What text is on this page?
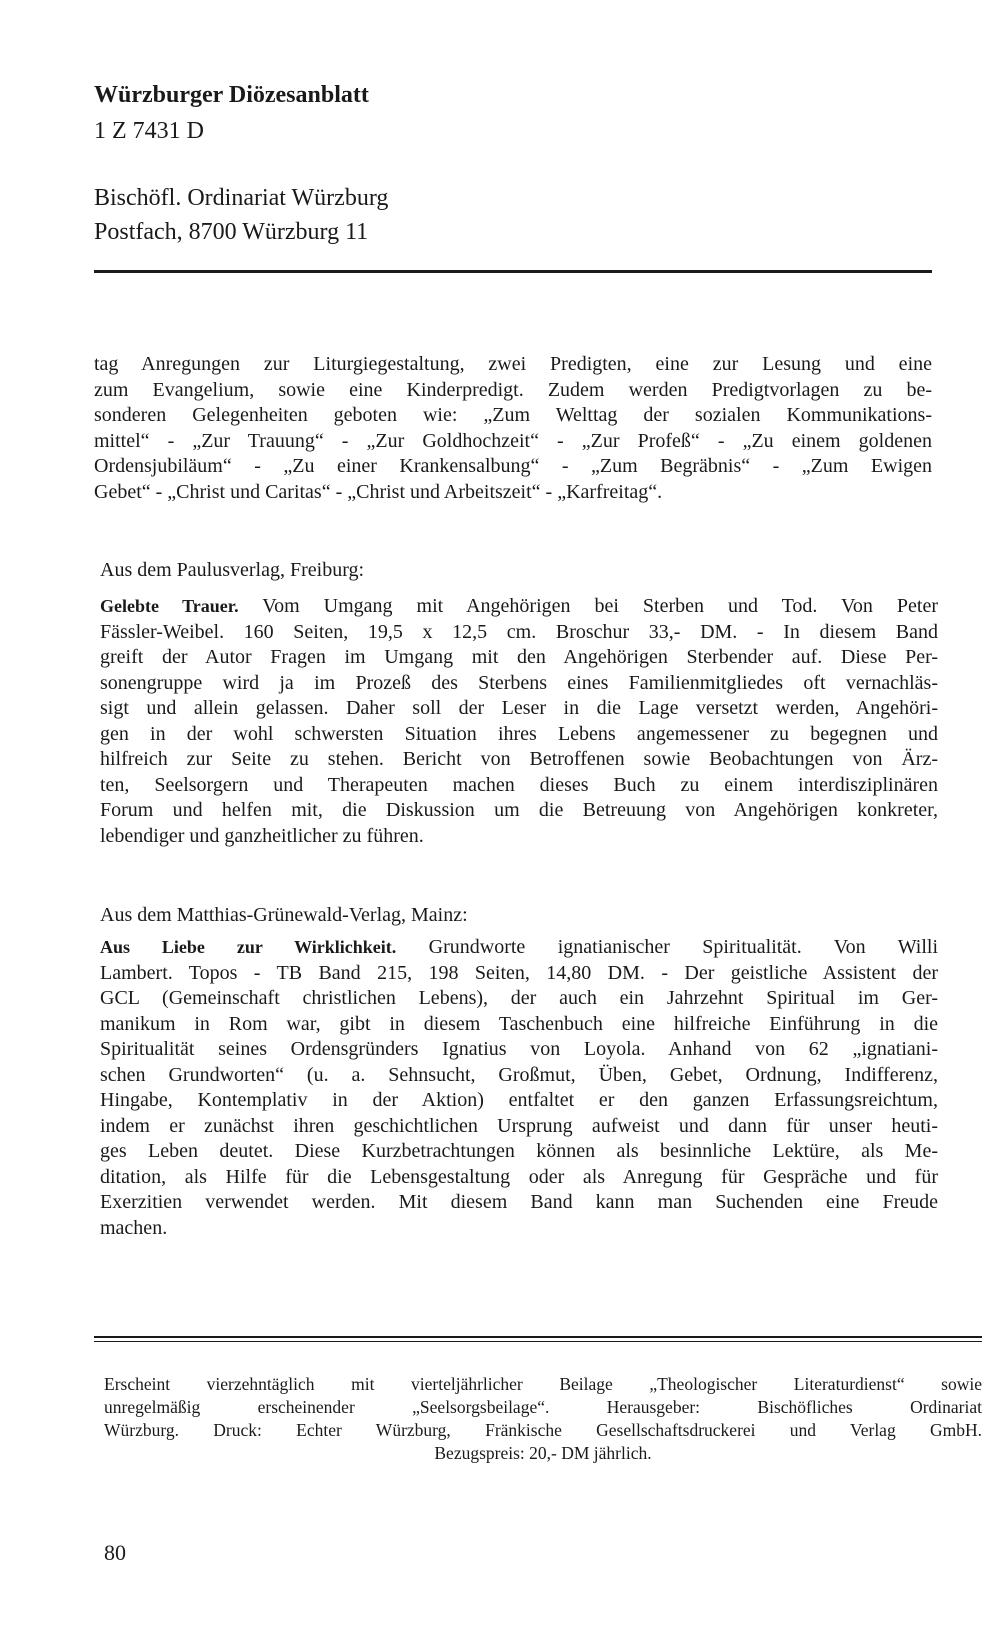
Würzburger Diözesanblatt
1 Z 7431 D
Bischöfl. Ordinariat Würzburg
Postfach, 8700 Würzburg 11
tag Anregungen zur Liturgiegestaltung, zwei Predigten, eine zur Lesung und eine
zum Evangelium, sowie eine Kinderpredigt. Zudem werden Predigtvorlagen zu be-
sonderen Gelegenheiten geboten wie: „Zum Welttag der sozialen Kommunikations-
mittel“ - „Zur Trauung“ - „Zur Goldhochzeit“ - „Zur Profeß“ - „Zu einem goldenen
Ordensjubiläum“ - „Zu einer Krankensalbung“ - „Zum Begräbnis“ - „Zum Ewigen
Gebet“ - „Christ und Caritas“ - „Christ und Arbeitszeit“ - „Karfreitag“.
Aus dem Paulusverlag, Freiburg:
Gelebte Trauer. Vom Umgang mit Angehörigen bei Sterben und Tod. Von Peter
Fässler-Weibel. 160 Seiten, 19,5 x 12,5 cm. Broschur 33,- DM. - In diesem Band
greift der Autor Fragen im Umgang mit den Angehörigen Sterbender auf. Diese Per-
sonengruppe wird ja im Prozeß des Sterbens eines Familienmitgliedes oft vernachläs-
sigt und allein gelassen. Daher soll der Leser in die Lage versetzt werden, Angehöri-
gen in der wohl schwersten Situation ihres Lebens angemessener zu begegnen und
hilfreich zur Seite zu stehen. Bericht von Betroffenen sowie Beobachtungen von Ärz-
ten, Seelsorgern und Therapeuten machen dieses Buch zu einem interdisziplinären
Forum und helfen mit, die Diskussion um die Betreuung von Angehörigen konkreter,
lebendiger und ganzheitlicher zu führen.
Aus dem Matthias-Grünewald-Verlag, Mainz:
Aus Liebe zur Wirklichkeit. Grundworte ignatianischer Spiritualität. Von Willi
Lambert. Topos - TB Band 215, 198 Seiten, 14,80 DM. - Der geistliche Assistent der
GCL (Gemeinschaft christlichen Lebens), der auch ein Jahrzehnt Spiritual im Ger-
manikum in Rom war, gibt in diesem Taschenbuch eine hilfreiche Einführung in die
Spiritualität seines Ordensgründers Ignatius von Loyola. Anhand von 62 „ignatiani-
schen Grundworten“ (u. a. Sehnsucht, Großmut, Üben, Gebet, Ordnung, Indifferenz,
Hingabe, Kontemplativ in der Aktion) entfaltet er den ganzen Erfassungsreichtum,
indem er zunächst ihren geschichtlichen Ursprung aufweist und dann für unser heuti-
ges Leben deutet. Diese Kurzbetrachtungen können als besinnliche Lektüre, als Me-
ditation, als Hilfe für die Lebensgestaltung oder als Anregung für Gespräche und für
Exerzitien verwendet werden. Mit diesem Band kann man Suchenden eine Freude
machen.
Erscheint vierzehntäglich mit vierteljährlicher Beilage „Theologischer Literaturdienst“ sowie
unregelmäßig erscheinender „Seelsorgsbeilage“. Herausgeber: Bischöfliches Ordinariat
Würzburg. Druck: Echter Würzburg, Fränkische Gesellschaftsdruckerei und Verlag GmbH.
Bezugspreis: 20,- DM jährlich.
80
